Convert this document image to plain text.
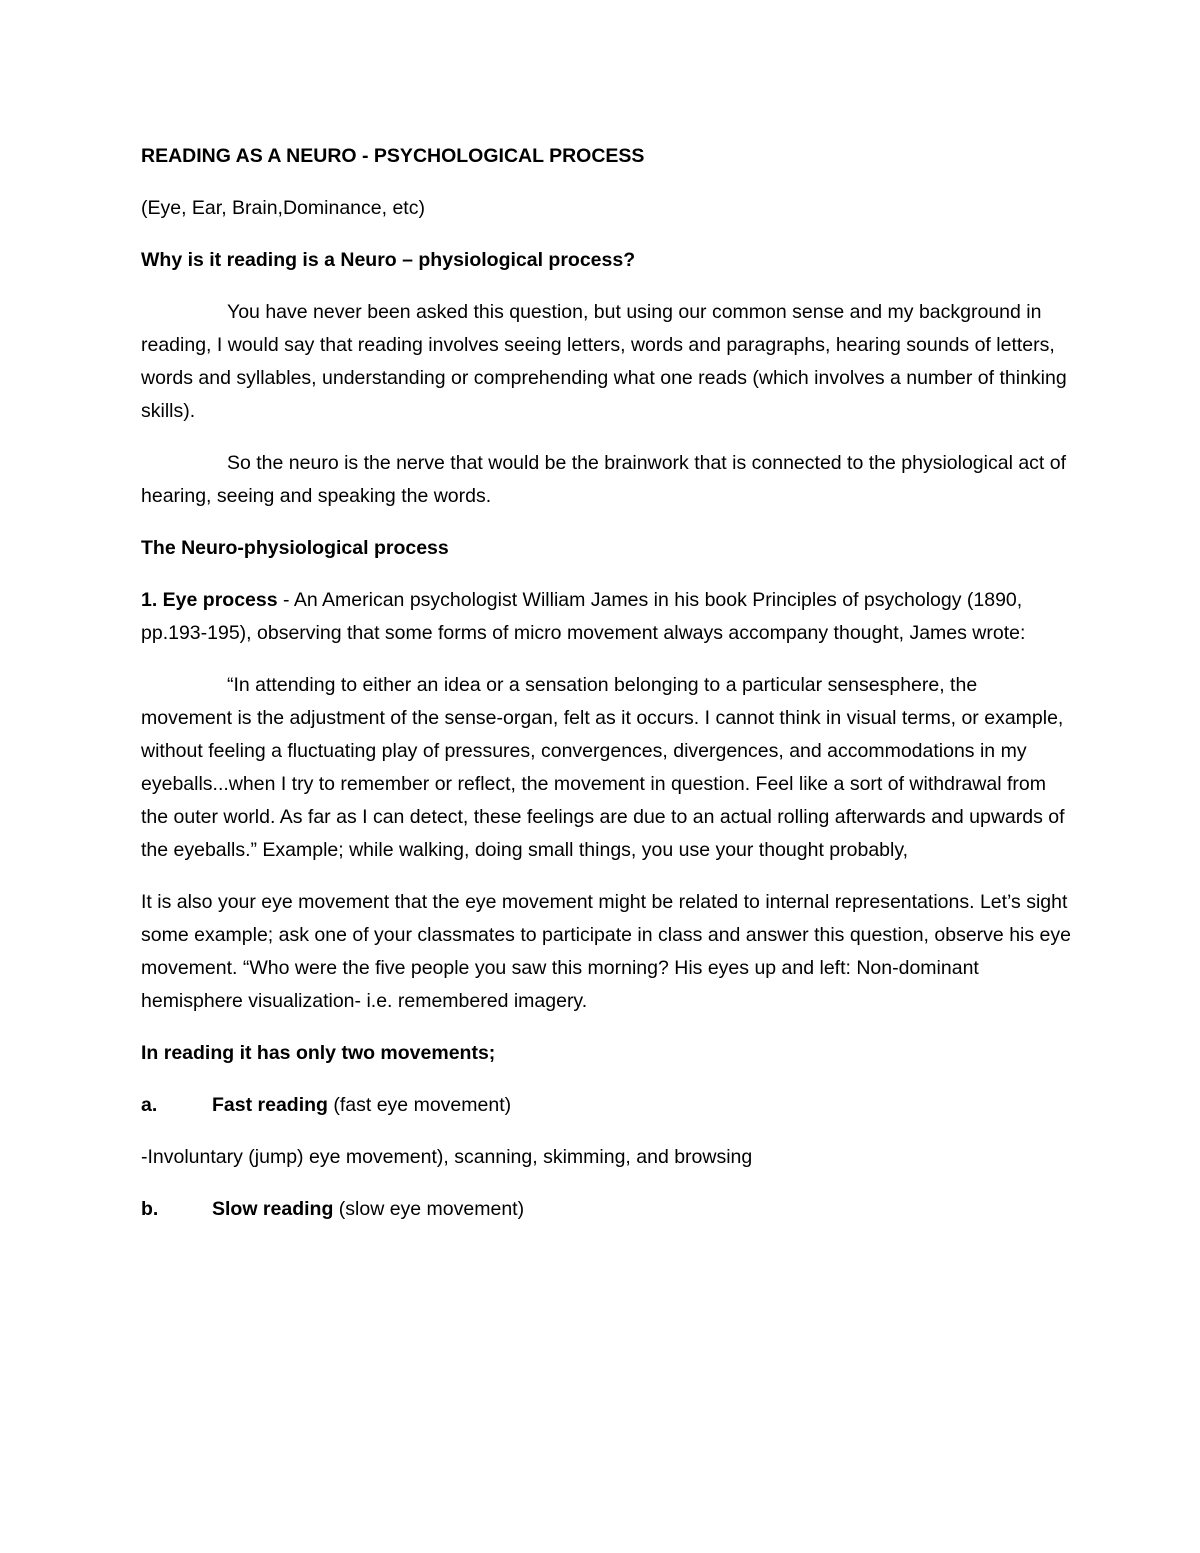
READING AS A NEURO - PSYCHOLOGICAL PROCESS

(Eye, Ear, Brain,Dominance, etc)

Why is it reading is a Neuro – physiological process?

You have never been asked this question, but using our common sense and my background in reading, I would say that reading involves seeing letters, words and paragraphs, hearing sounds of letters, words and syllables, understanding or comprehending what one reads (which involves a number of thinking skills).

So the neuro is the nerve that would be the brainwork that is connected to the physiological act of hearing, seeing and speaking the words.

The Neuro-physiological process

1. Eye process - An American psychologist William James in his book Principles of psychology (1890, pp.193-195), observing that some forms of micro movement always accompany thought, James wrote:

“In attending to either an idea or a sensation belonging to a particular sensesphere, the movement is the adjustment of the sense-organ, felt as it occurs. I cannot think in visual terms, or example, without feeling a fluctuating play of pressures, convergences, divergences, and accommodations in my eyeballs...when I try to remember or reflect, the movement in question. Feel like a sort of withdrawal from the outer world. As far as I can detect, these feelings are due to an actual rolling afterwards and upwards of the eyeballs.” Example; while walking, doing small things, you use your thought probably,

It is also your eye movement that the eye movement might be related to internal representations. Let’s sight some example; ask one of your classmates to participate in class and answer this question, observe his eye movement. “Who were the five people you saw this morning? His eyes up and left: Non-dominant hemisphere visualization- i.e. remembered imagery.

In reading it has only two movements;

a.	Fast reading (fast eye movement)

-Involuntary (jump) eye movement), scanning, skimming, and browsing

b.	Slow reading (slow eye movement)
